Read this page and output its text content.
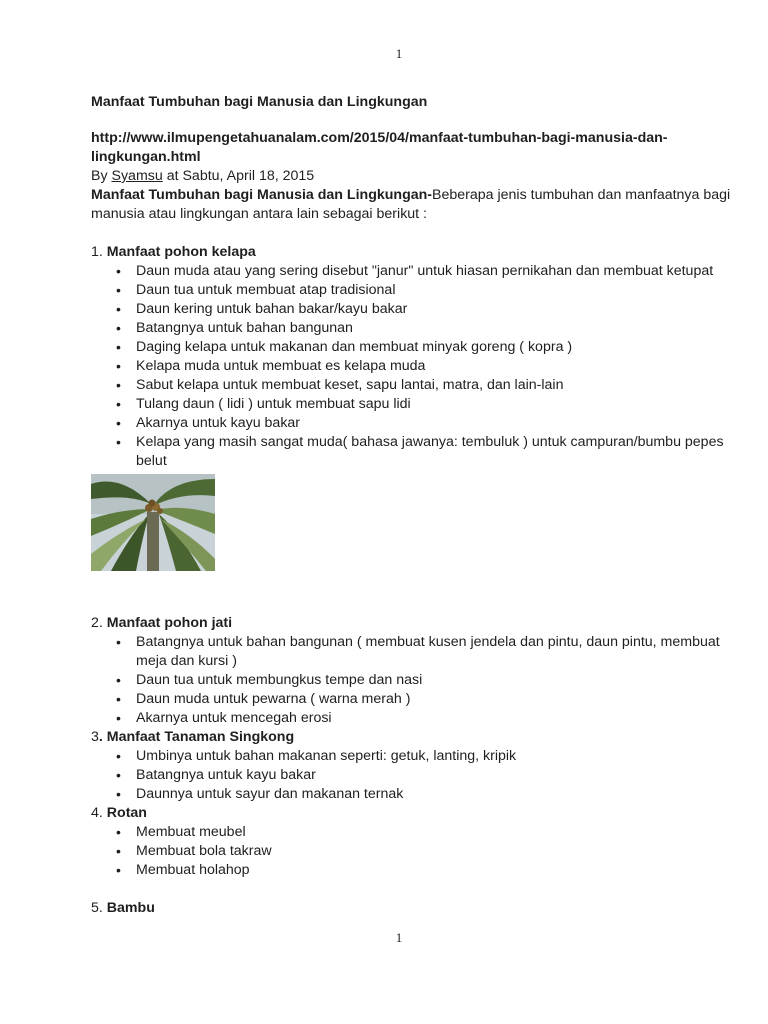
1
Manfaat Tumbuhan bagi Manusia dan Lingkungan
http://www.ilmupengetahuanalam.com/2015/04/manfaat-tumbuhan-bagi-manusia-dan-lingkungan.html
By Syamsu at Sabtu, April 18, 2015
Manfaat Tumbuhan bagi Manusia dan Lingkungan-Beberapa jenis tumbuhan dan manfaatnya bagi manusia atau lingkungan antara lain sebagai berikut :
1. Manfaat pohon kelapa
• Daun muda atau yang sering disebut "janur" untuk hiasan pernikahan dan membuat ketupat
• Daun tua untuk membuat atap tradisional
• Daun kering untuk bahan bakar/kayu bakar
• Batangnya untuk bahan bangunan
• Daging kelapa untuk makanan dan membuat minyak goreng ( kopra )
• Kelapa muda untuk membuat es kelapa muda
• Sabut kelapa untuk membuat keset, sapu lantai, matra, dan lain-lain
• Tulang daun ( lidi ) untuk membuat sapu lidi
• Akarnya untuk kayu bakar
• Kelapa yang masih sangat muda( bahasa jawanya: tembuluk ) untuk campuran/bumbu pepes belut
2. Manfaat pohon jati
• Batangnya untuk bahan bangunan ( membuat kusen jendela dan pintu, daun pintu, membuat meja dan kursi )
• Daun tua untuk membungkus tempe dan nasi
• Daun muda untuk pewarna ( warna merah )
• Akarnya untuk mencegah erosi
3. Manfaat Tanaman Singkong
• Umbinya untuk bahan makanan seperti: getuk, lanting, kripik
• Batangnya untuk kayu bakar
• Daunnya untuk sayur dan makanan ternak
4. Rotan
• Membuat meubel
• Membuat bola takraw
• Membuat holahop
5. Bambu
1
